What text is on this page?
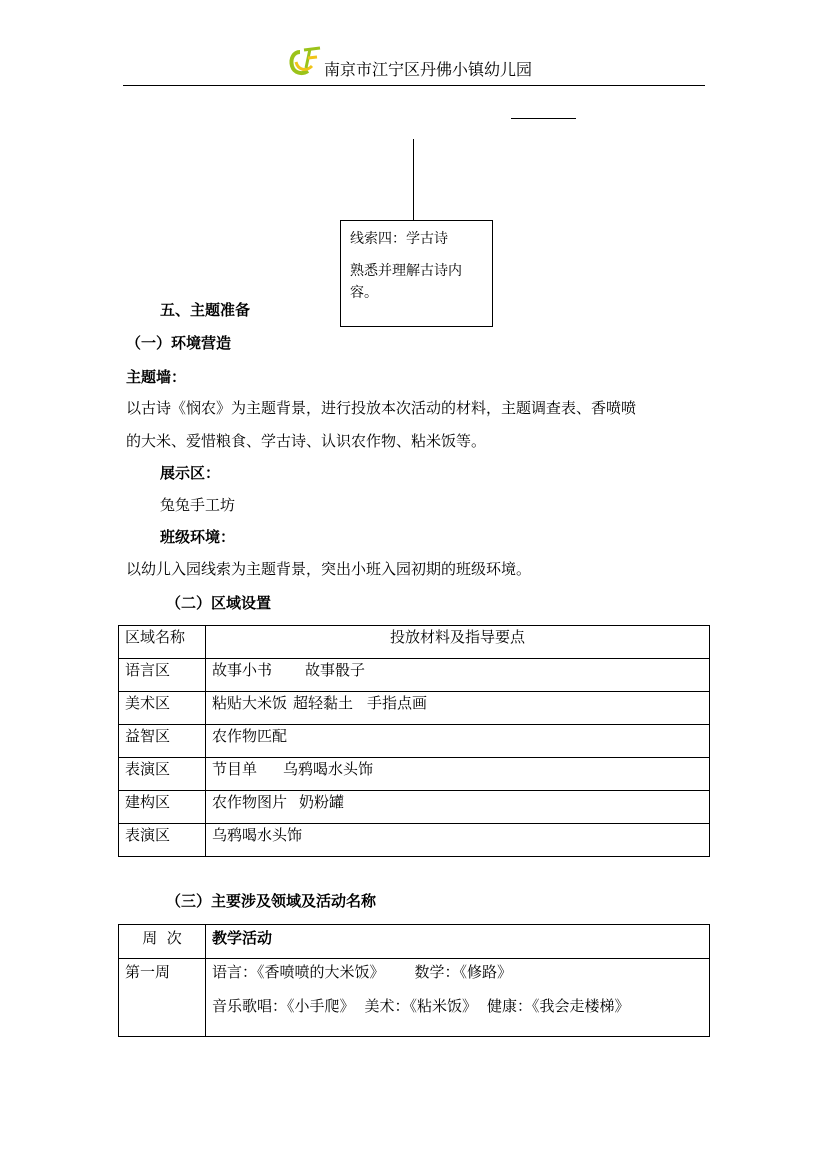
南京市江宁区丹佛小镇幼儿园
线索四：学古诗
熟悉并理解古诗内容。
五、主题准备
（一）环境营造
主题墙：
以古诗《悯农》为主题背景，进行投放本次活动的材料，主题调查表、香喷喷
的大米、爱惜粮食、学古诗、认识农作物、粘米饭等。
展示区：
兔兔手工坊
班级环境：
以幼儿入园线索为主题背景，突出小班入园初期的班级环境。
（二）区域设置
区域名称	投放材料及指导要点
语言区	故事小书 故事骰子
美术区	粘贴大米饭 超轻黏土 手指点画
益智区	农作物匹配
表演区	节目单 乌鸦喝水头饰
建构区	农作物图片 奶粉罐
表演区	乌鸦喝水头饰
（三）主要涉及领域及活动名称
周  次	教学活动
第一周	语言：《香喷喷的大米饭》 数学：《修路》
音乐歌唱：《小手爬》 美术：《粘米饭》 健康：《我会走楼梯》
